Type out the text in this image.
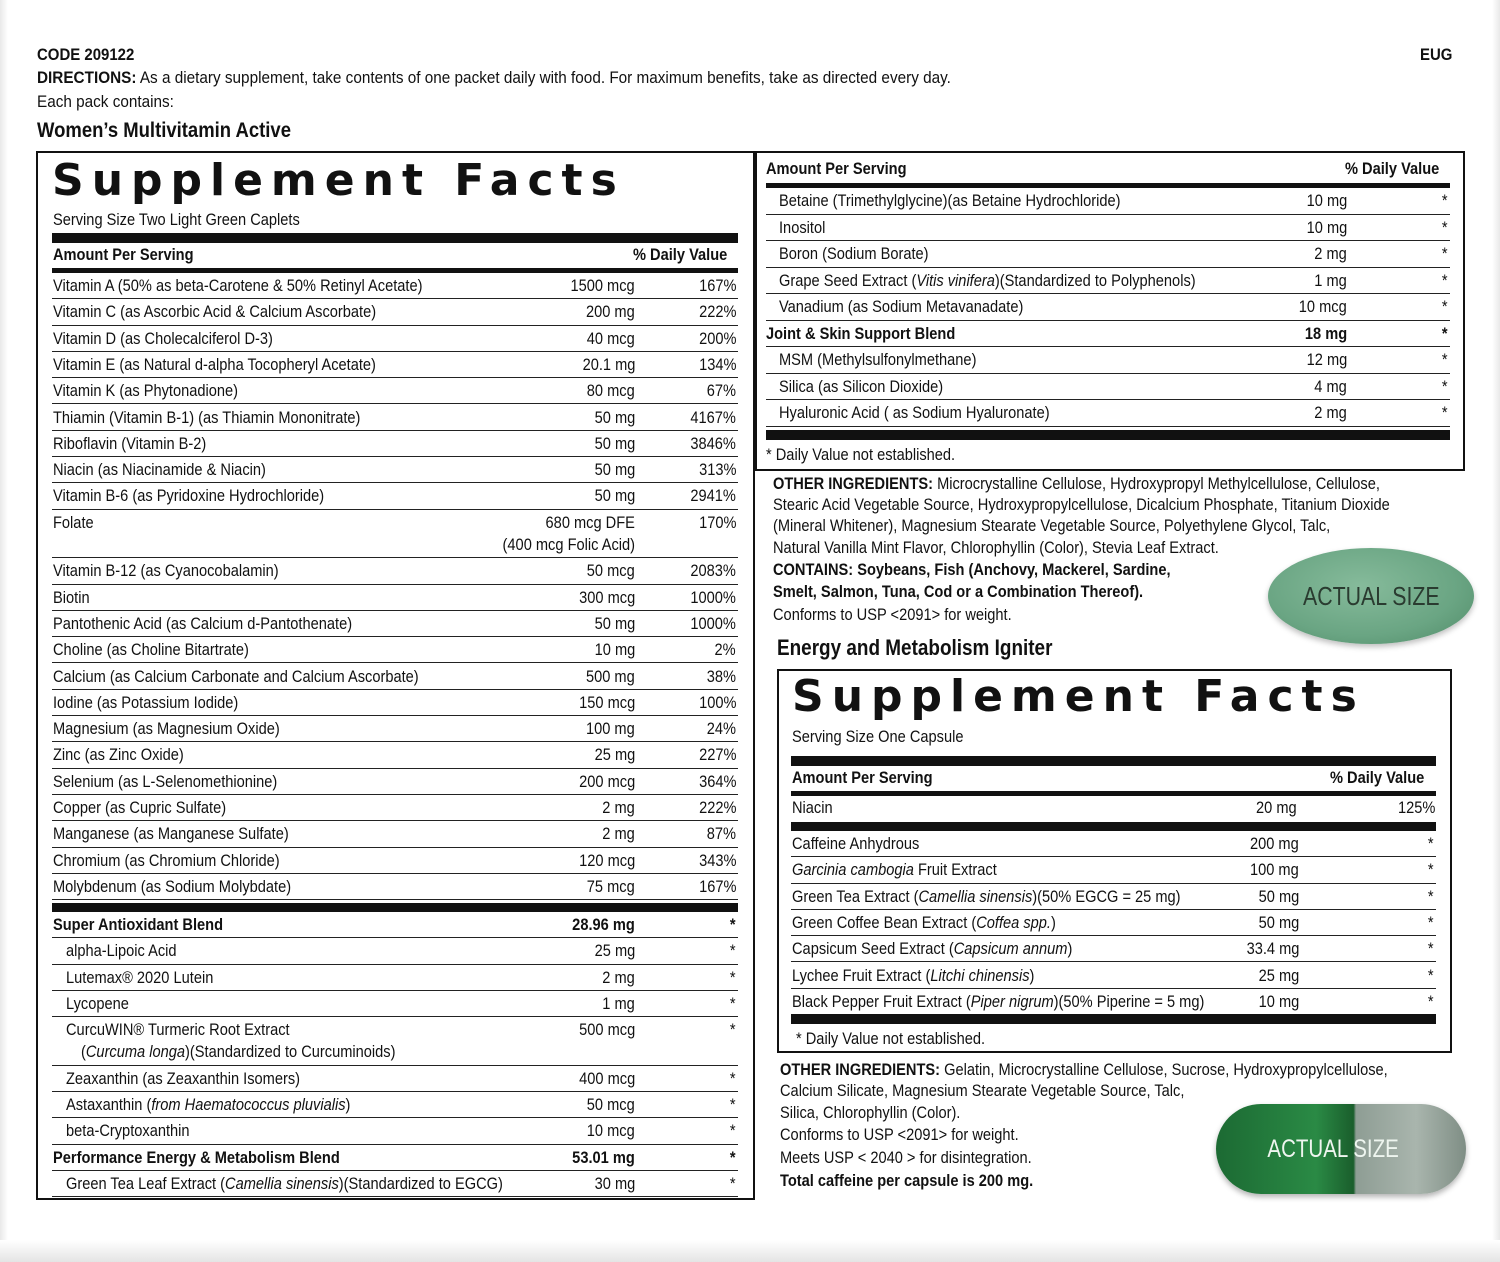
CODE 209122	EUG
DIRECTIONS: As a dietary supplement, take contents of one packet daily with food. For maximum benefits, take as directed every day.
Each pack contains:
Women’s Multivitamin Active
Supplement Facts
Serving Size Two Light Green Caplets
Amount Per Serving	% Daily Value
Vitamin A (50% as beta-Carotene & 50% Retinyl Acetate)	1500 mcg	167%
Vitamin C (as Ascorbic Acid & Calcium Ascorbate)	200 mg	222%
Vitamin D (as Cholecalciferol D-3)	40 mcg	200%
Vitamin E (as Natural d-alpha Tocopheryl Acetate)	20.1 mg	134%
Vitamin K (as Phytonadione)	80 mcg	67%
Thiamin (Vitamin B-1) (as Thiamin Mononitrate)	50 mg	4167%
Riboflavin (Vitamin B-2)	50 mg	3846%
Niacin (as Niacinamide & Niacin)	50 mg	313%
Vitamin B-6 (as Pyridoxine Hydrochloride)	50 mg	2941%
Folate	680 mcg DFE	170%
(400 mcg Folic Acid)
Vitamin B-12 (as Cyanocobalamin)	50 mcg	2083%
Biotin	300 mcg	1000%
Pantothenic Acid (as Calcium d-Pantothenate)	50 mg	1000%
Choline (as Choline Bitartrate)	10 mg	2%
Calcium (as Calcium Carbonate and Calcium Ascorbate)	500 mg	38%
Iodine (as Potassium Iodide)	150 mcg	100%
Magnesium (as Magnesium Oxide)	100 mg	24%
Zinc (as Zinc Oxide)	25 mg	227%
Selenium (as L-Selenomethionine)	200 mcg	364%
Copper (as Cupric Sulfate)	2 mg	222%
Manganese (as Manganese Sulfate)	2 mg	87%
Chromium (as Chromium Chloride)	120 mcg	343%
Molybdenum (as Sodium Molybdate)	75 mcg	167%
Super Antioxidant Blend	28.96 mg	*
alpha-Lipoic Acid	25 mg	*
Lutemax® 2020 Lutein	2 mg	*
Lycopene	1 mg	*
CurcuWIN® Turmeric Root Extract	500 mcg	*
(Curcuma longa)(Standardized to Curcuminoids)
Zeaxanthin (as Zeaxanthin Isomers)	400 mcg	*
Astaxanthin (from Haematococcus pluvialis)	50 mcg	*
beta-Cryptoxanthin	10 mcg	*
Performance Energy & Metabolism Blend	53.01 mg	*
Green Tea Leaf Extract (Camellia sinensis)(Standardized to EGCG)	30 mg	*
Amount Per Serving	% Daily Value
Betaine (Trimethylglycine)(as Betaine Hydrochloride)	10 mg	*
Inositol	10 mg	*
Boron (Sodium Borate)	2 mg	*
Grape Seed Extract (Vitis vinifera)(Standardized to Polyphenols)	1 mg	*
Vanadium (as Sodium Metavanadate)	10 mcg	*
Joint & Skin Support Blend	18 mg	*
MSM (Methylsulfonylmethane)	12 mg	*
Silica (as Silicon Dioxide)	4 mg	*
Hyaluronic Acid ( as Sodium Hyaluronate)	2 mg	*
* Daily Value not established.
OTHER INGREDIENTS: Microcrystalline Cellulose, Hydroxypropyl Methylcellulose, Cellulose,
Stearic Acid Vegetable Source, Hydroxypropylcellulose, Dicalcium Phosphate, Titanium Dioxide
(Mineral Whitener), Magnesium Stearate Vegetable Source, Polyethylene Glycol, Talc,
Natural Vanilla Mint Flavor, Chlorophyllin (Color), Stevia Leaf Extract.
CONTAINS: Soybeans, Fish (Anchovy, Mackerel, Sardine,
Smelt, Salmon, Tuna, Cod or a Combination Thereof).
Conforms to USP <2091> for weight.
ACTUAL SIZE
Energy and Metabolism Igniter
Supplement Facts
Serving Size One Capsule
Amount Per Serving	% Daily Value
Niacin	20 mg	125%
Caffeine Anhydrous	200 mg	*
Garcinia cambogia Fruit Extract	100 mg	*
Green Tea Extract (Camellia sinensis)(50% EGCG = 25 mg)	50 mg	*
Green Coffee Bean Extract (Coffea spp.)	50 mg	*
Capsicum Seed Extract (Capsicum annum)	33.4 mg	*
Lychee Fruit Extract (Litchi chinensis)	25 mg	*
Black Pepper Fruit Extract (Piper nigrum)(50% Piperine = 5 mg)	10 mg	*
* Daily Value not established.
OTHER INGREDIENTS: Gelatin, Microcrystalline Cellulose, Sucrose, Hydroxypropylcellulose,
Calcium Silicate, Magnesium Stearate Vegetable Source, Talc,
Silica, Chlorophyllin (Color).
Conforms to USP <2091> for weight.
Meets USP < 2040 > for disintegration.
Total caffeine per capsule is 200 mg.
ACTUAL SIZE
